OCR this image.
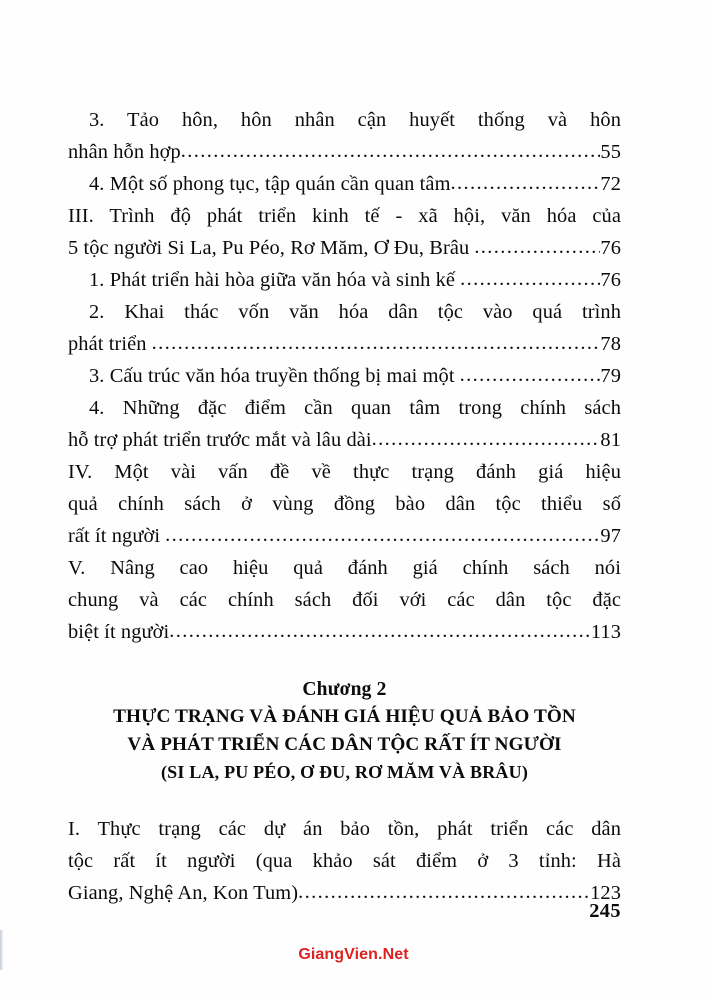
3. Tảo hôn, hôn nhân cận huyết thống và hôn
nhân hỗn hợp .....	55
4. Một số phong tục, tập quán cần quan tâm .....	72
III. Trình độ phát triển kinh tế - xã hội, văn hóa của
5 tộc người Si La, Pu Péo, Rơ Măm, Ơ Đu, Brâu .....	76
1. Phát triển hài hòa giữa văn hóa và sinh kế .....	76
2. Khai thác vốn văn hóa dân tộc vào quá trình
phát triển .....	78
3. Cấu trúc văn hóa truyền thống bị mai một .....	79
4. Những đặc điểm cần quan tâm trong chính sách
hỗ trợ phát triển trước mắt và lâu dài .....	81
IV. Một vài vấn đề về thực trạng đánh giá hiệu
quả chính sách ở vùng đồng bào dân tộc thiểu số
rất ít người .....	97
V. Nâng cao hiệu quả đánh giá chính sách nói
chung và các chính sách đối với các dân tộc đặc
biệt ít người .....	113
Chương 2
THỰC TRẠNG VÀ ĐÁNH GIÁ HIỆU QUẢ BẢO TỒN
VÀ PHÁT TRIỂN CÁC DÂN TỘC RẤT ÍT NGƯỜI
(SI LA, PU PÉO, Ơ ĐU, RƠ MĂM VÀ BRÂU)
I. Thực trạng các dự án bảo tồn, phát triển các dân
tộc rất ít người (qua khảo sát điểm ở 3 tỉnh: Hà
Giang, Nghệ An, Kon Tum) .....	123
245
GiangVien.Net
